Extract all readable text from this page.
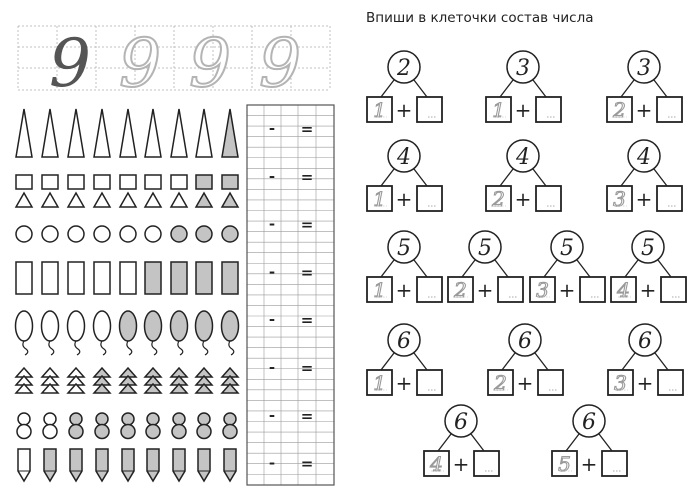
Впиши в клеточки состав числа
9 9 9 9
- =
- =
- =
- =
- =
- =
- =
- =
2
1 +
3
1 +
3
2 +
4
1 +
4
2 +
4
3 +
5
1 +
5
2 +
5
3 +
5
4 +
6
1 +
6
2 +
6
3 +
6
4 +
6
5 +
